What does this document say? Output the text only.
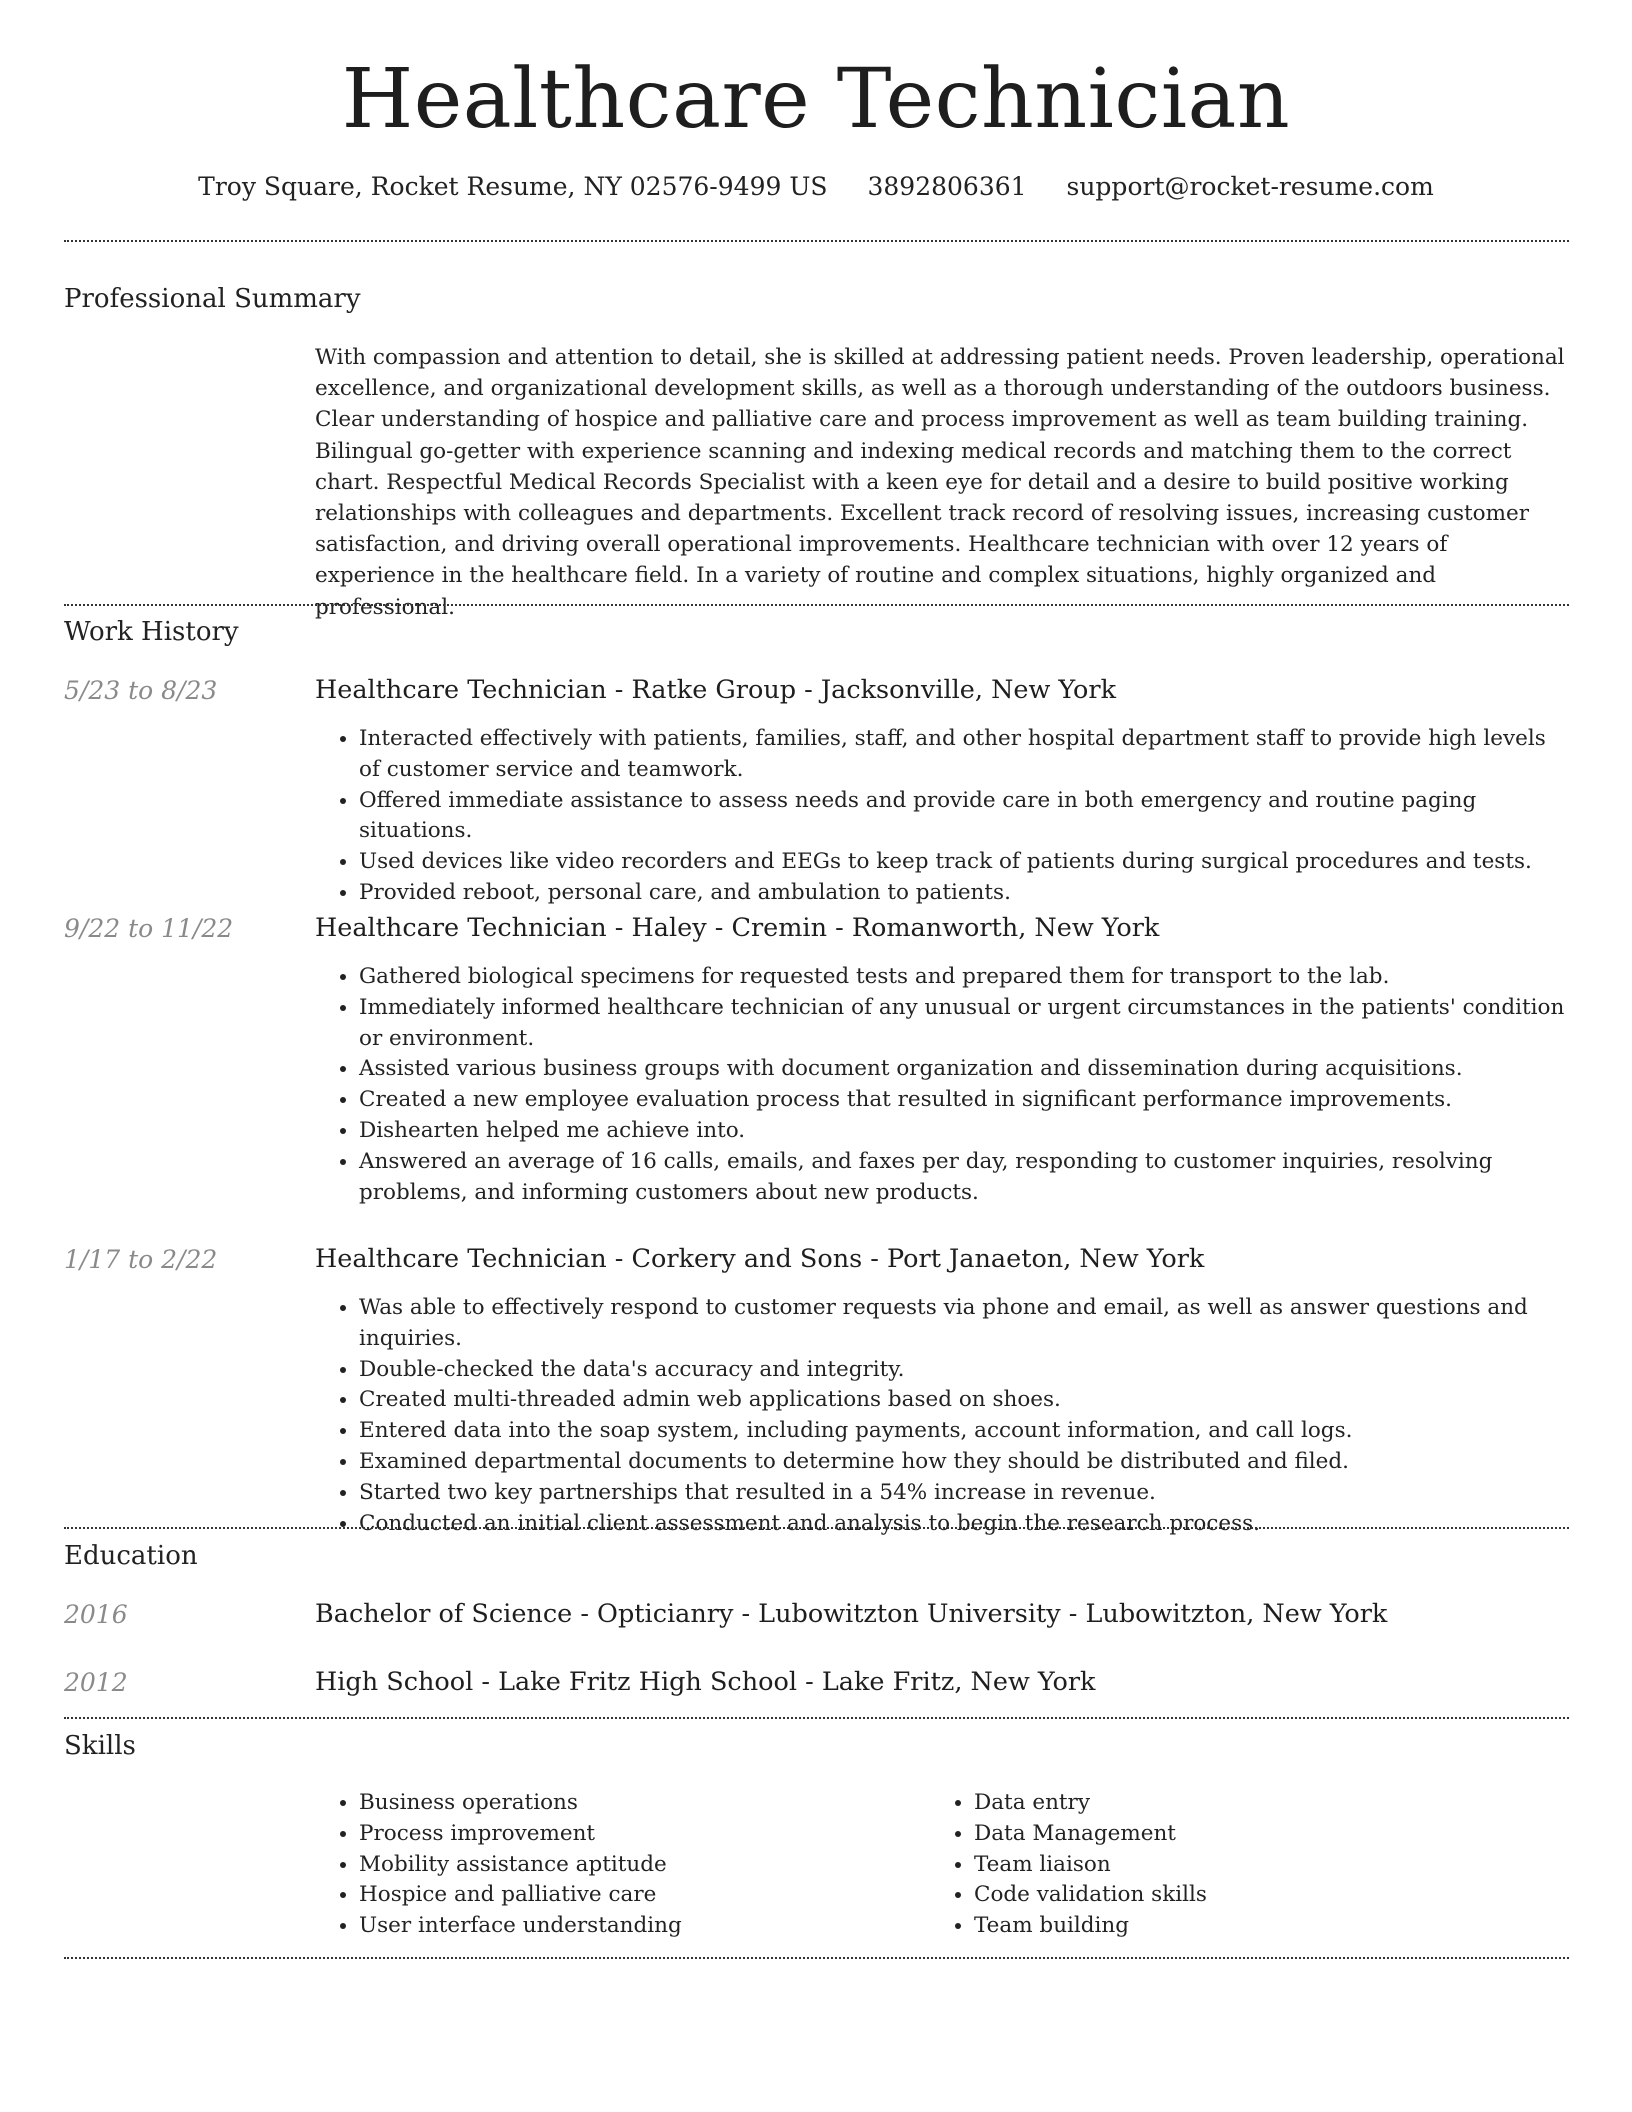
Healthcare Technician
Troy Square, Rocket Resume, NY 02576-9499 US 3892806361 support@rocket-resume.com
Professional Summary

With compassion and attention to detail, she is skilled at addressing patient needs. Proven leadership, operational excellence, and organizational development skills, as well as a thorough understanding of the outdoors business. Clear understanding of hospice and palliative care and process improvement as well as team building training. Bilingual go-getter with experience scanning and indexing medical records and matching them to the correct chart. Respectful Medical Records Specialist with a keen eye for detail and a desire to build positive working relationships with colleagues and departments. Excellent track record of resolving issues, increasing customer satisfaction, and driving overall operational improvements. Healthcare technician with over 12 years of experience in the healthcare field. In a variety of routine and complex situations, highly organized and professional.

Work History
5/23 to 8/23	Healthcare Technician - Ratke Group - Jacksonville, New York
• Interacted effectively with patients, families, staff, and other hospital department staff to provide high levels of customer service and teamwork.
• Offered immediate assistance to assess needs and provide care in both emergency and routine paging situations.
• Used devices like video recorders and EEGs to keep track of patients during surgical procedures and tests.
• Provided reboot, personal care, and ambulation to patients.
9/22 to 11/22	Healthcare Technician - Haley - Cremin - Romanworth, New York
• Gathered biological specimens for requested tests and prepared them for transport to the lab.
• Immediately informed healthcare technician of any unusual or urgent circumstances in the patients' condition or environment.
• Assisted various business groups with document organization and dissemination during acquisitions.
• Created a new employee evaluation process that resulted in significant performance improvements.
• Dishearten helped me achieve into.
• Answered an average of 16 calls, emails, and faxes per day, responding to customer inquiries, resolving problems, and informing customers about new products.
1/17 to 2/22	Healthcare Technician - Corkery and Sons - Port Janaeton, New York
• Was able to effectively respond to customer requests via phone and email, as well as answer questions and inquiries.
• Double-checked the data's accuracy and integrity.
• Created multi-threaded admin web applications based on shoes.
• Entered data into the soap system, including payments, account information, and call logs.
• Examined departmental documents to determine how they should be distributed and filed.
• Started two key partnerships that resulted in a 54% increase in revenue.
• Conducted an initial client assessment and analysis to begin the research process.
Education
2016	Bachelor of Science - Opticianry - Lubowitzton University - Lubowitzton, New York
2012	High School - Lake Fritz High School - Lake Fritz, New York
Skills
• Business operations
• Process improvement
• Mobility assistance aptitude
• Hospice and palliative care
• User interface understanding
• Data entry
• Data Management
• Team liaison
• Code validation skills
• Team building
